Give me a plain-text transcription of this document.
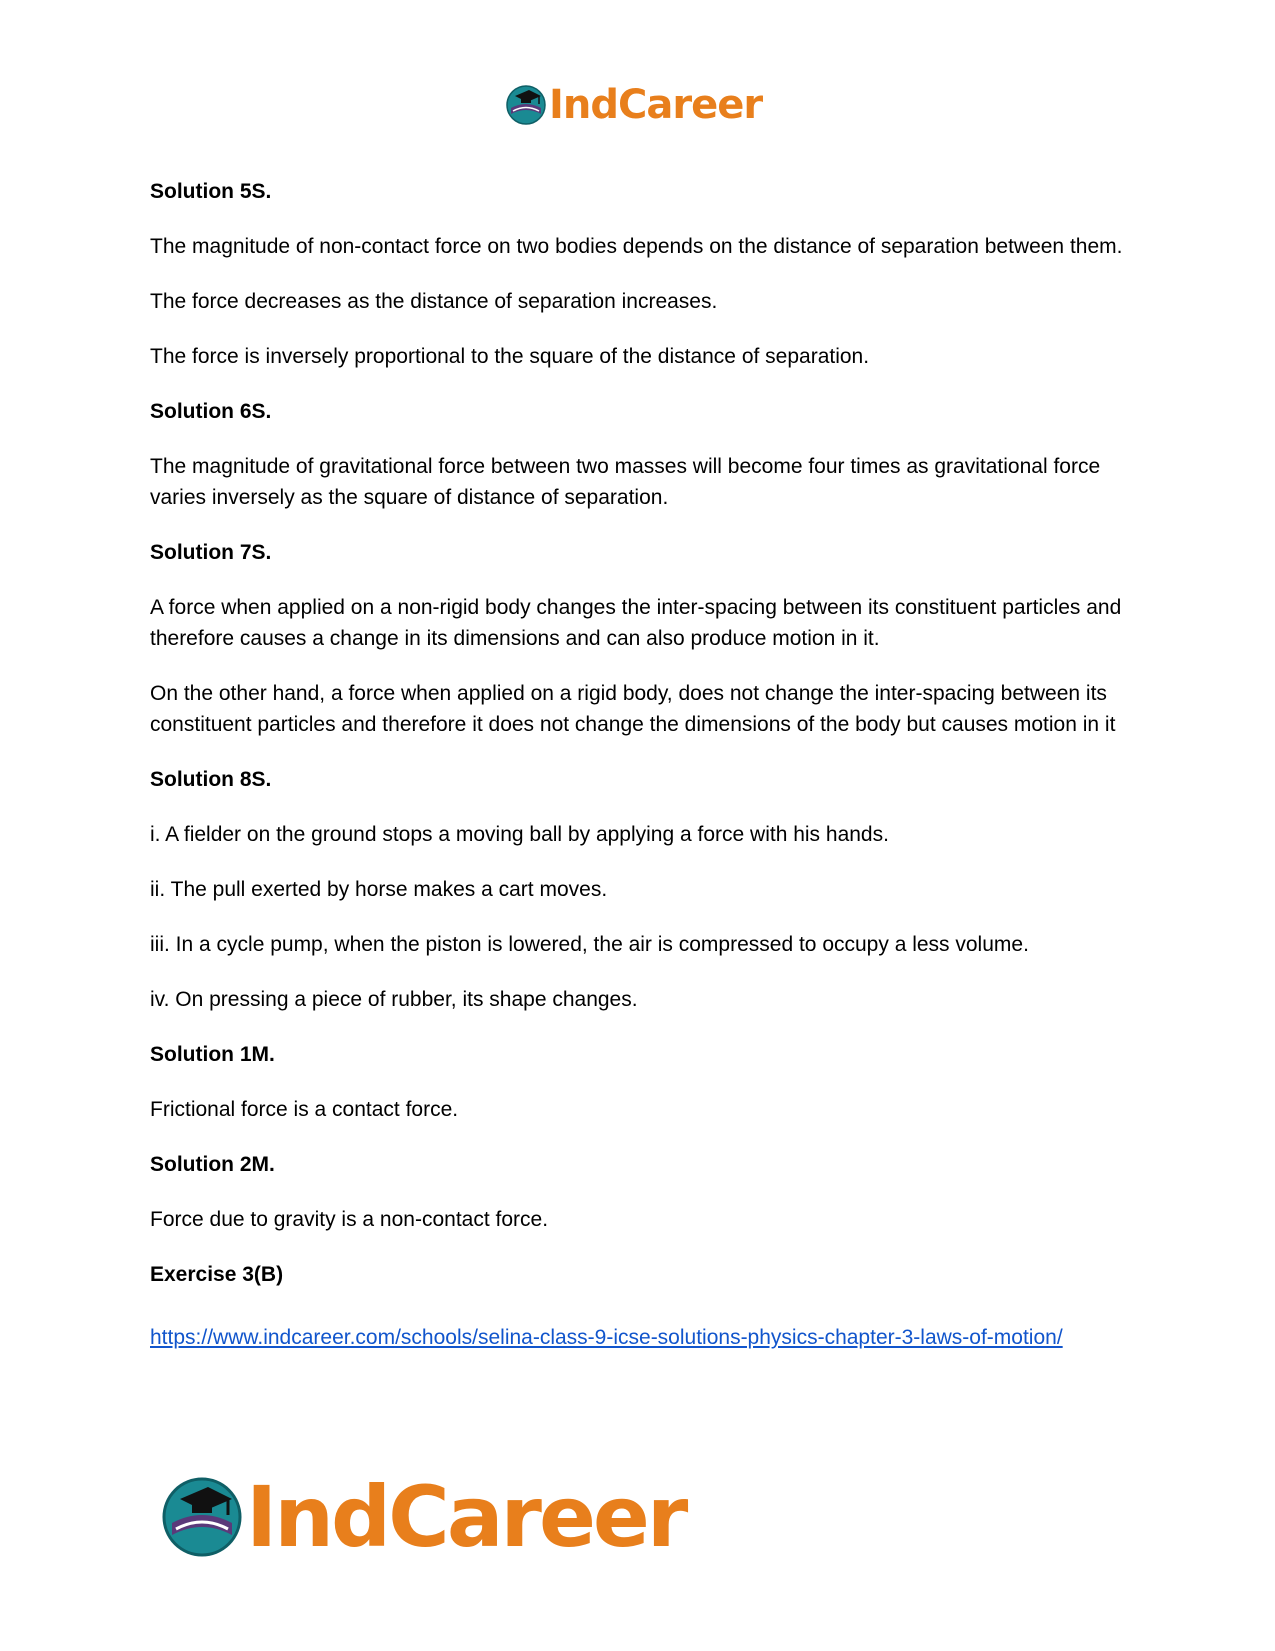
IndCareer

Solution 5S.

The magnitude of non-contact force on two bodies depends on the distance of separation between them.

The force decreases as the distance of separation increases.

The force is inversely proportional to the square of the distance of separation.

Solution 6S.

The magnitude of gravitational force between two masses will become four times as gravitational force varies inversely as the square of distance of separation.

Solution 7S.

A force when applied on a non-rigid body changes the inter-spacing between its constituent particles and therefore causes a change in its dimensions and can also produce motion in it.

On the other hand, a force when applied on a rigid body, does not change the inter-spacing between its constituent particles and therefore it does not change the dimensions of the body but causes motion in it

Solution 8S.

i. A fielder on the ground stops a moving ball by applying a force with his hands.

ii. The pull exerted by horse makes a cart moves.

iii. In a cycle pump, when the piston is lowered, the air is compressed to occupy a less volume.

iv. On pressing a piece of rubber, its shape changes.

Solution 1M.

Frictional force is a contact force.

Solution 2M.

Force due to gravity is a non-contact force.

Exercise 3(B)

https://www.indcareer.com/schools/selina-class-9-icse-solutions-physics-chapter-3-laws-of-motion/
IndCareer
